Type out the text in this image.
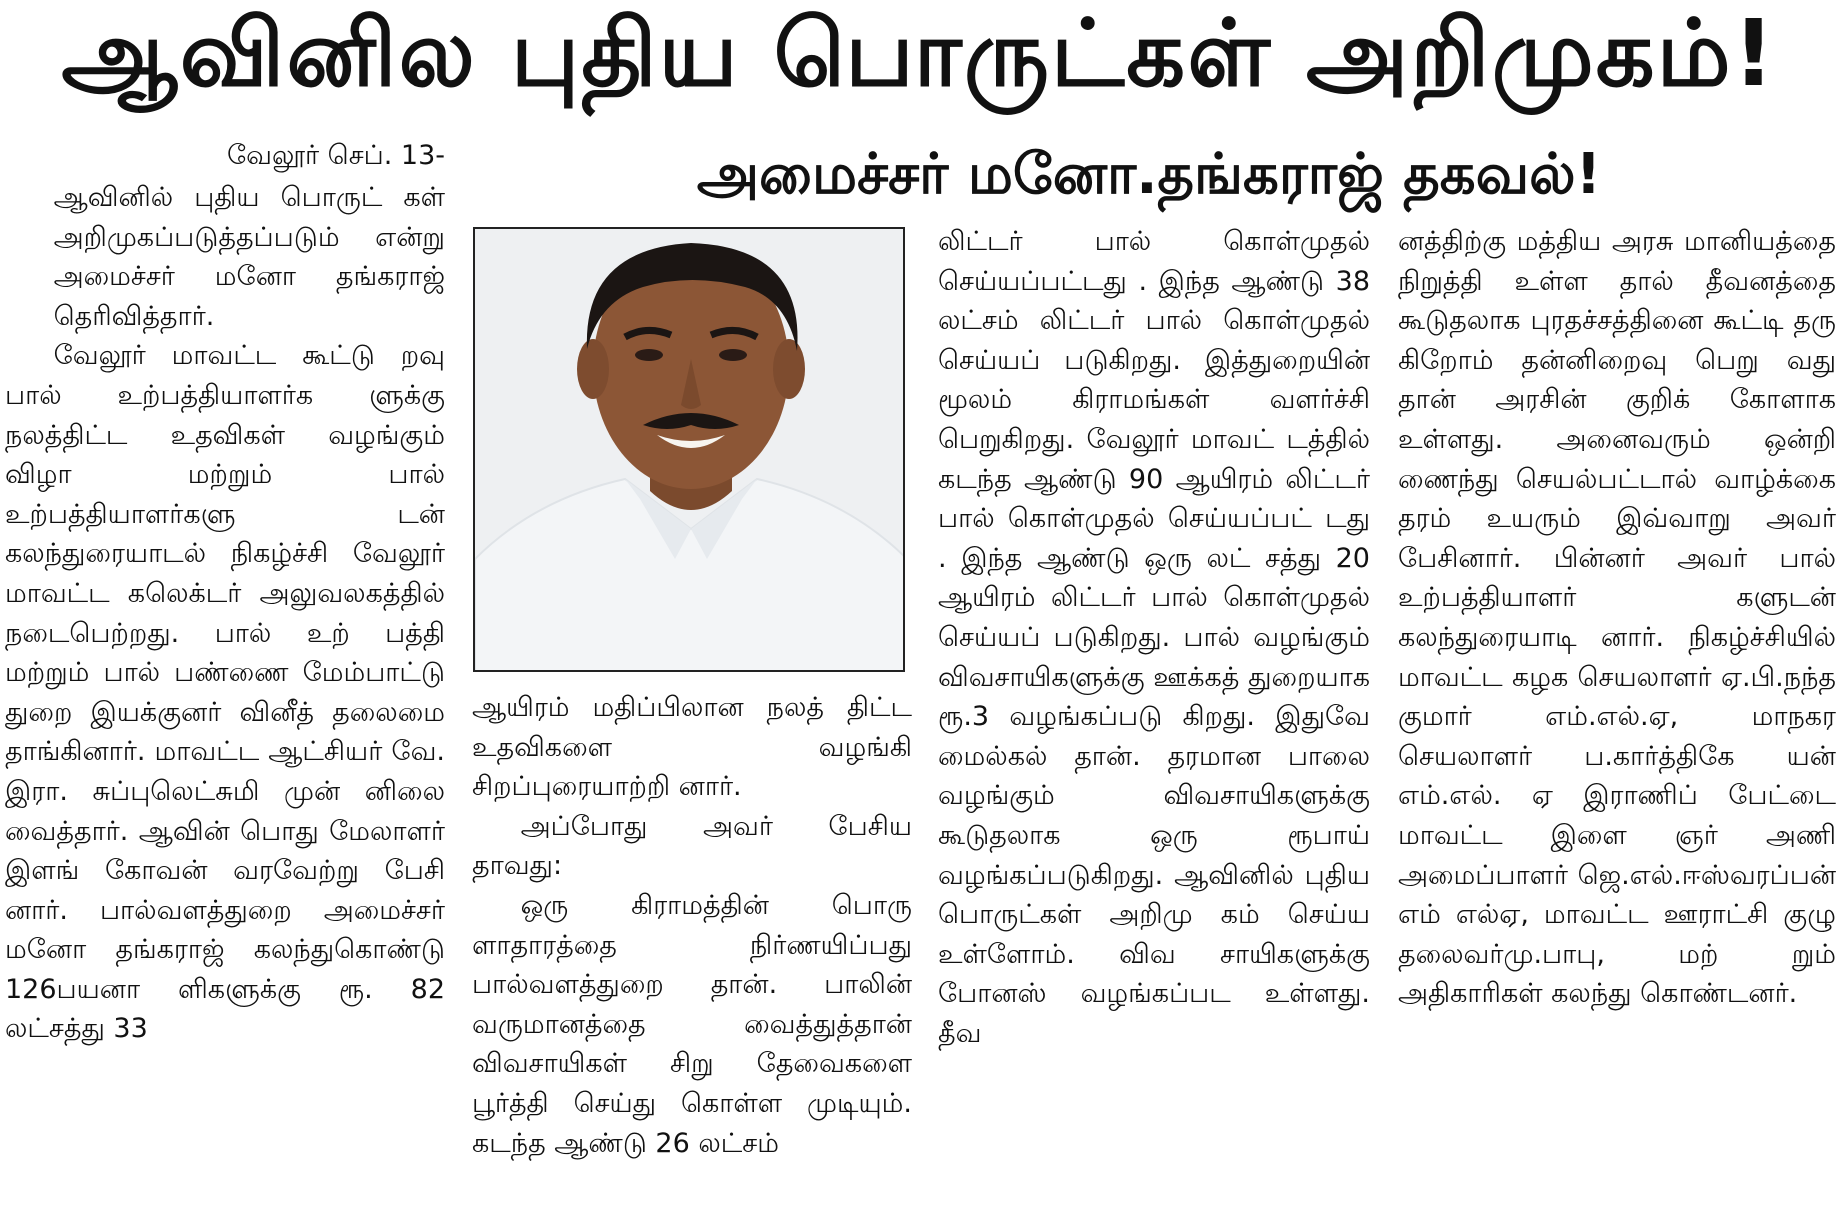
ஆவினில புதிய பொருட்கள் அறிமுகம்!
வேலூர் செப். 13-	அமைச்சர் மனோ.தங்கராஜ் தகவல்!

ஆவினில் புதிய பொருட் கள் அறிமுகப்படுத்தப்படும் என்று அமைச்சர் மனோ தங்கராஜ் தெரிவித்தார்.

வேலூர் மாவட்ட கூட்டு றவு பால் உற்பத்தியாளர்க ளுக்கு நலத்திட்ட உதவிகள் வழங்கும் விழா மற்றும் பால் உற்பத்தியாளர்களு டன் கலந்துரையாடல் நிகழ்ச்சி வேலூர் மாவட்ட கலெக்டர் அலுவலகத்தில் நடைபெற்றது. பால் உற் பத்தி மற்றும் பால் பண்ணை மேம்பாட்டு துறை இயக்குனர் வினீத் தலைமை தாங்கினார். மாவட்ட ஆட்சியர் வே. இரா. சுப்புலெட்சுமி முன் னிலை வைத்தார். ஆவின் பொது மேலாளர் இளங் கோவன் வரவேற்று பேசி னார். பால்வளத்துறை அமைச்சர் மனோ தங்கராஜ் கலந்துகொண்டு 126பயனா ளிகளுக்கு ரூ. 82 லட்சத்து 33

ஆயிரம் மதிப்பிலான நலத் திட்ட உதவிகளை வழங்கி சிறப்புரையாற்றி னார்.

அப்போது அவர் பேசிய தாவது:

ஒரு கிராமத்தின் பொரு ளாதாரத்தை நிர்ணயிப்பது பால்வளத்துறை தான். பாலின் வருமானத்தை வைத்துத்தான் விவசாயிகள் சிறு தேவைகளை பூர்த்தி செய்து கொள்ள முடியும். கடந்த ஆண்டு 26 லட்சம்

லிட்டர் பால் கொள்முதல் செய்யப்பட்டது . இந்த ஆண்டு 38 லட்சம் லிட்டர் பால் கொள்முதல் செய்யப் படுகிறது. இத்துறையின் மூலம் கிராமங்கள் வளர்ச்சி பெறுகிறது. வேலூர் மாவட் டத்தில் கடந்த ஆண்டு 90 ஆயிரம் லிட்டர் பால் கொள்முதல் செய்யப்பட் டது . இந்த ஆண்டு ஒரு லட் சத்து 20 ஆயிரம் லிட்டர் பால் கொள்முதல் செய்யப் படுகிறது. பால் வழங்கும் விவசாயிகளுக்கு ஊக்கத் துறையாக ரூ.3 வழங்கப்படு கிறது. இதுவே மைல்கல் தான். தரமான பாலை வழங்கும் விவசாயிகளுக்கு கூடுதலாக ஒரு ரூபாய் வழங்கப்படுகிறது. ஆவினில் புதிய பொருட்கள் அறிமு கம் செய்ய உள்ளோம். விவ சாயிகளுக்கு போனஸ் வழங்கப்பட உள்ளது. தீவ

னத்திற்கு மத்திய அரசு மானியத்தை நிறுத்தி உள்ள தால் தீவனத்தை கூடுதலாக புரதச்சத்தினை கூட்டி தரு கிறோம் தன்னிறைவு பெறு வது தான் அரசின் குறிக் கோளாக உள்ளது. அனைவரும் ஒன்றி ணைந்து செயல்பட்டால் வாழ்க்கை தரம் உயரும் இவ்வாறு அவர் பேசினார். பின்னர் அவர் பால் உற்பத்தியாளர் களுடன் கலந்துரையாடி னார். நிகழ்ச்சியில் மாவட்ட கழக செயலாளர் ஏ.பி.நந்த குமார் எம்.எல்.ஏ, மாநகர செயலாளர் ப.கார்த்திகே யன் எம்.எல். ஏ இராணிப் பேட்டை மாவட்ட இளை ஞர் அணி அமைப்பாளர் ஜெ.எல்.ஈஸ்வரப்பன் எம் எல்ஏ, மாவட்ட ஊராட்சி குழு தலைவர்மு.பாபு, மற் றும் அதிகாரிகள் கலந்து கொண்டனர்.
